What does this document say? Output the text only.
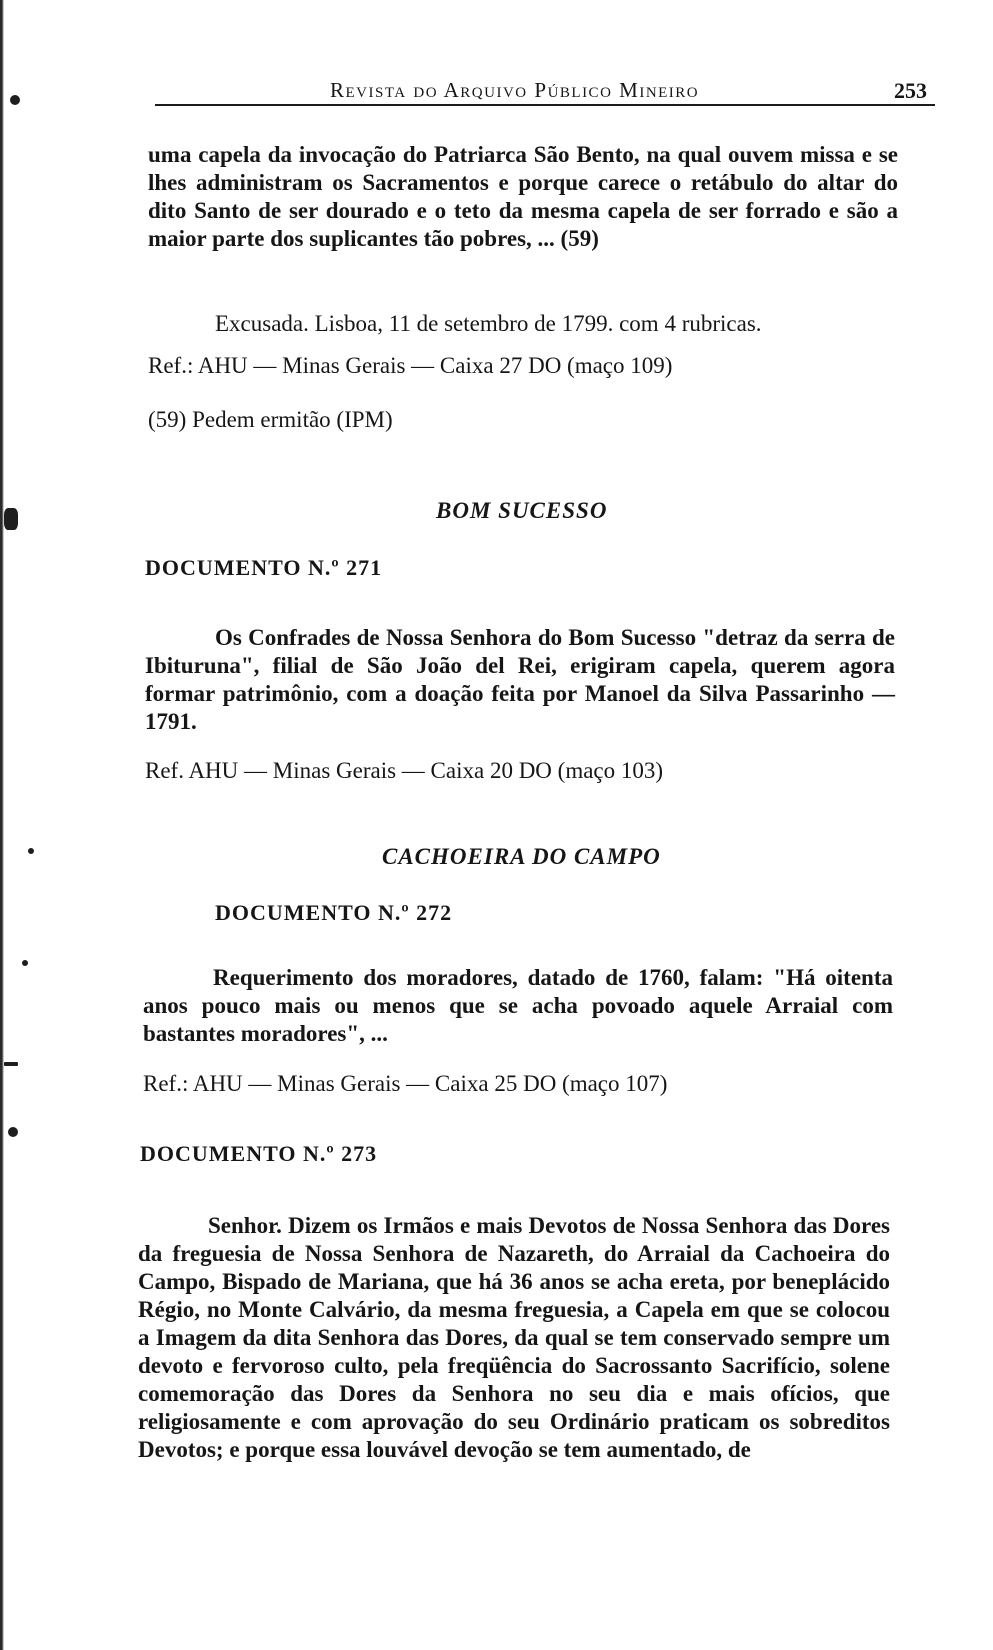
Revista do Arquivo Público Mineiro	253

uma capela da invocação do Patriarca São Bento, na qual ouvem missa e se lhes administram os Sacramentos e porque carece o retábulo do altar do dito Santo de ser dourado e o teto da mesma capela de ser forrado e são a maior parte dos suplicantes tão pobres, ... (59)

Excusada. Lisboa, 11 de setembro de 1799. com 4 rubricas.

Ref.: AHU — Minas Gerais — Caixa 27 DO (maço 109)

(59) Pedem ermitão (IPM)

BOM SUCESSO
DOCUMENTO N.º 271

Os Confrades de Nossa Senhora do Bom Sucesso "detraz da serra de Ibituruna", filial de São João del Rei, erigiram capela, querem agora formar patrimônio, com a doação feita por Manoel da Silva Passarinho — 1791.

Ref. AHU — Minas Gerais — Caixa 20 DO (maço 103)

CACHOEIRA DO CAMPO
DOCUMENTO N.º 272

Requerimento dos moradores, datado de 1760, falam: "Há oitenta anos pouco mais ou menos que se acha povoado aquele Arraial com bastantes moradores", ...

Ref.: AHU — Minas Gerais — Caixa 25 DO (maço 107)

DOCUMENTO N.º 273

Senhor. Dizem os Irmãos e mais Devotos de Nossa Senhora das Dores da freguesia de Nossa Senhora de Nazareth, do Arraial da Cachoeira do Campo, Bispado de Mariana, que há 36 anos se acha ereta, por beneplácido Régio, no Monte Calvário, da mesma freguesia, a Capela em que se colocou a Imagem da dita Senhora das Dores, da qual se tem conservado sempre um devoto e fervoroso culto, pela freqüência do Sacrossanto Sacrifício, solene comemoração das Dores da Senhora no seu dia e mais ofícios, que religiosamente e com aprovação do seu Ordinário praticam os sobreditos Devotos; e porque essa louvável devoção se tem aumentado, de
